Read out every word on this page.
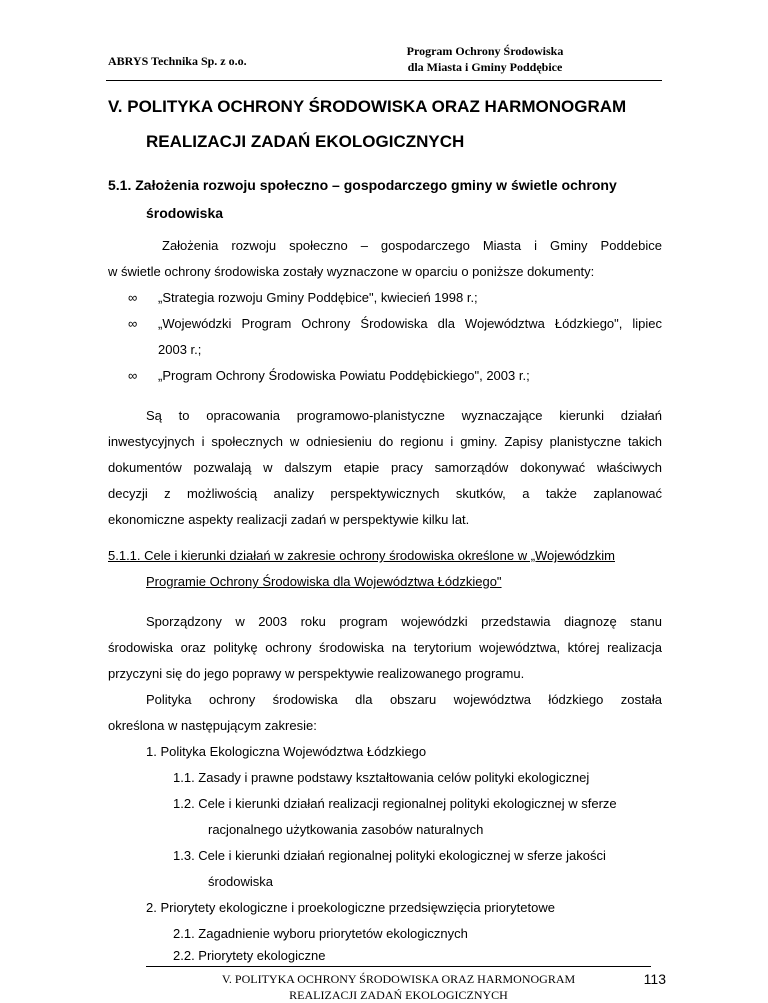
ABRYS Technika Sp. z o.o.
Program Ochrony Środowiska
dla Miasta i Gminy Poddębice
V. POLITYKA OCHRONY ŚRODOWISKA ORAZ HARMONOGRAM
REALIZACJI ZADAŃ EKOLOGICZNYCH
5.1. Założenia rozwoju społeczno – gospodarczego gminy w świetle ochrony
środowiska
Założenia rozwoju społeczno – gospodarczego Miasta i Gminy Poddebice
w świetle ochrony środowiska zostały wyznaczone w oparciu o poniższe dokumenty:
∞ „Strategia rozwoju Gminy Poddębice", kwiecień 1998 r.;
∞ „Wojewódzki Program Ochrony Środowiska dla Województwa Łódzkiego", lipiec
2003 r.;
∞ „Program Ochrony Środowiska Powiatu Poddębickiego", 2003 r.;
Są to opracowania programowo-planistyczne wyznaczające kierunki działań
inwestycyjnych i społecznych w odniesieniu do regionu i gminy. Zapisy planistyczne takich
dokumentów pozwalają w dalszym etapie pracy samorządów dokonywać właściwych
decyzji z możliwością analizy perspektywicznych skutków, a także zaplanować
ekonomiczne aspekty realizacji zadań w perspektywie kilku lat.
5.1.1. Cele i kierunki działań w zakresie ochrony środowiska określone w „Wojewódzkim
Programie Ochrony Środowiska dla Województwa Łódzkiego"
Sporządzony w 2003 roku program wojewódzki przedstawia diagnozę stanu
środowiska oraz politykę ochrony środowiska na terytorium województwa, której realizacja
przyczyni się do jego poprawy w perspektywie realizowanego programu.
Polityka ochrony środowiska dla obszaru województwa łódzkiego została
określona w następującym zakresie:
1. Polityka Ekologiczna Województwa Łódzkiego
1.1. Zasady i prawne podstawy kształtowania celów polityki ekologicznej
1.2. Cele i kierunki działań realizacji regionalnej polityki ekologicznej w sferze
racjonalnego użytkowania zasobów naturalnych
1.3. Cele i kierunki działań regionalnej polityki ekologicznej w sferze jakości
środowiska
2. Priorytety ekologiczne i proekologiczne przedsięwzięcia priorytetowe
2.1. Zagadnienie wyboru priorytetów ekologicznych
2.2. Priorytety ekologiczne
V. POLITYKA OCHRONY ŚRODOWISKA ORAZ HARMONOGRAM
REALIZACJI ZADAŃ EKOLOGICZNYCH
113
